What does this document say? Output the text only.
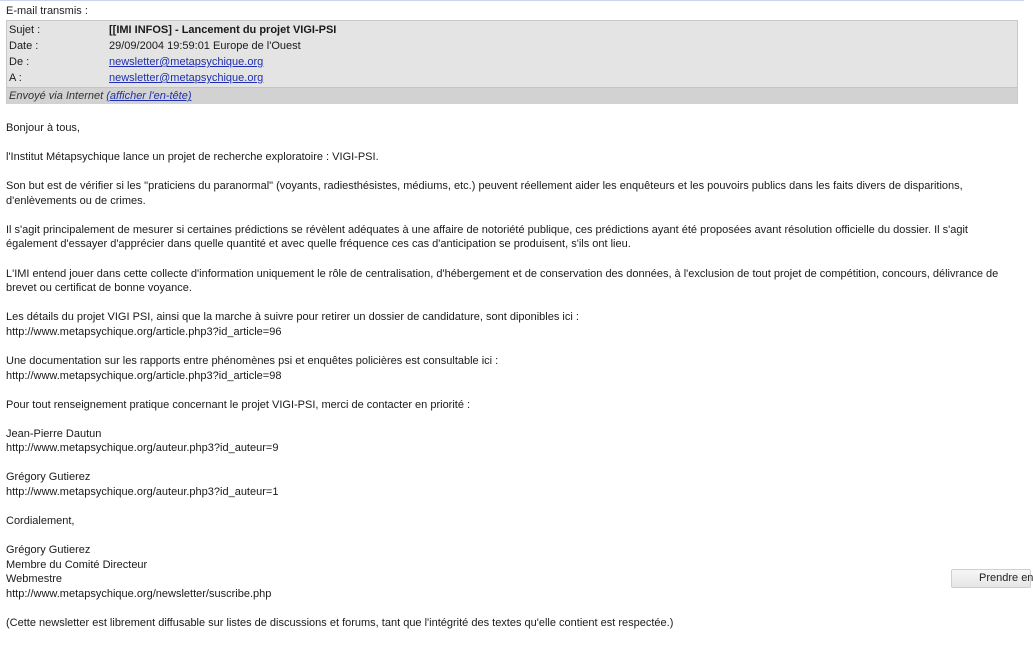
E-mail transmis :
Sujet :	[[IMI INFOS] - Lancement du projet VIGI-PSI
Date :	29/09/2004 19:59:01 Europe de l'Ouest
De :	newsletter@metapsychique.org
A :	newsletter@metapsychique.org
Envoyé via Internet (afficher l'en-tête)

Bonjour à tous,

l'Institut Métapsychique lance un projet de recherche exploratoire : VIGI-PSI.

Son but est de vérifier si les "praticiens du paranormal" (voyants, radiesthésistes, médiums, etc.) peuvent réellement aider les enquêteurs et les pouvoirs publics dans les faits divers de disparitions, d'enlèvements ou de crimes.

Il s'agit principalement de mesurer si certaines prédictions se révèlent adéquates à une affaire de notoriété publique, ces prédictions ayant été proposées avant résolution officielle du dossier. Il s'agit également d'essayer d'apprécier dans quelle quantité et avec quelle fréquence ces cas d'anticipation se produisent, s'ils ont lieu.

L'IMI entend jouer dans cette collecte d'information uniquement le rôle de centralisation, d'hébergement et de conservation des données, à l'exclusion de tout projet de compétition, concours, délivrance de brevet ou certificat de bonne voyance.

Les détails du projet VIGI PSI, ainsi que la marche à suivre pour retirer un dossier de candidature, sont diponibles ici :
http://www.metapsychique.org/article.php3?id_article=96

Une documentation sur les rapports entre phénomènes psi et enquêtes policières est consultable ici :
http://www.metapsychique.org/article.php3?id_article=98

Pour tout renseignement pratique concernant le projet VIGI-PSI, merci de contacter en priorité :

Jean-Pierre Dautun
http://www.metapsychique.org/auteur.php3?id_auteur=9

Grégory Gutierez
http://www.metapsychique.org/auteur.php3?id_auteur=1

Cordialement,

Grégory Gutierez
Membre du Comité Directeur
Webmestre
http://www.metapsychique.org/newsletter/suscribe.php

(Cette newsletter est librement diffusable sur listes de discussions et forums, tant que l'intégrité des textes qu'elle contient est respectée.)

Prendre en
